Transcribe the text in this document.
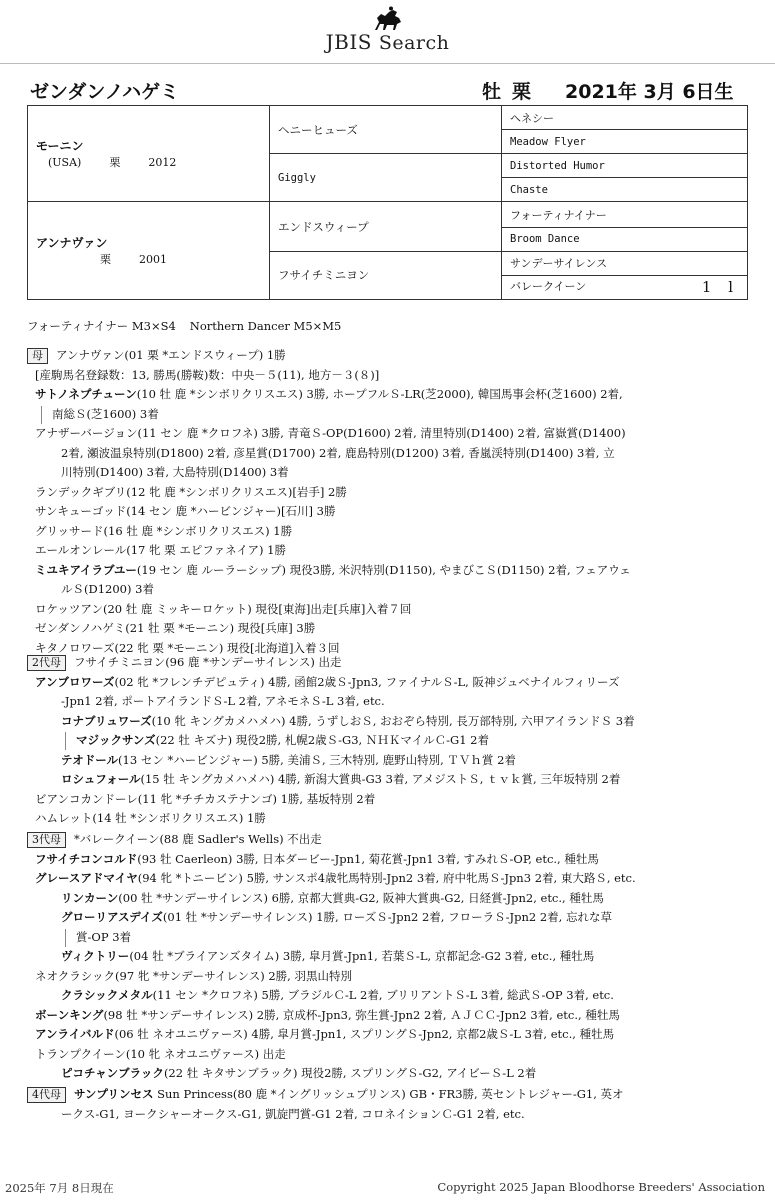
JBIS Search
ゼンダンノハゲミ	牡 栗 2021年 3月 6日生
モーニン
(USA) 栗 2012	ヘニーヒューズ	ヘネシー
		Meadow Flyer
	Giggly	Distorted Humor
		Chaste

アンナヴァン
栗 2001	エンドスウィープ	フォーティナイナー
		Broom Dance
	フサイチミニヨン	サンデーサイレンス
		バレークイーン 1 l
フォーティナイナー M3×S4 Northern Dancer M5×M5
母 アンナヴァン(01 栗 *エンドスウィープ) 1勝
[産駒馬名登録数：13, 勝馬(勝鞍)数：中央－５(11), 地方－３(８)]
サトノネプチューン(10 牡 鹿 *シンボリクリスエス) 3勝, ホープフルＳ-LR(芝2000), 韓国馬事会杯(芝1600) 2着,
南総Ｓ(芝1600) 3着
アナザーバージョン(11 セン 鹿 *クロフネ) 3勝, 青竜Ｓ-OP(D1600) 2着, 清里特別(D1400) 2着, 富嶽賞(D1400)
2着, 瀬波温泉特別(D1800) 2着, 彦星賞(D1700) 2着, 鹿島特別(D1200) 3着, 香嵐渓特別(D1400) 3着, 立
川特別(D1400) 3着, 大島特別(D1400) 3着
ランデックギブリ(12 牝 鹿 *シンボリクリスエス)[岩手] 2勝
サンキューゴッド(14 セン 鹿 *ハービンジャー)[石川] 3勝
グリッサード(16 牡 鹿 *シンボリクリスエス) 1勝
エールオンレール(17 牝 栗 エピファネイア) 1勝
ミユキアイラブユー(19 セン 鹿 ルーラーシップ) 現役3勝, 米沢特別(D1150), やまびこＳ(D1150) 2着, フェアウェ
ルＳ(D1200) 3着
ロケッツアン(20 牡 鹿 ミッキーロケット) 現役[東海]出走[兵庫]入着７回
ゼンダンノハゲミ(21 牡 栗 *モーニン) 現役[兵庫] 3勝
キタノロワーズ(22 牝 栗 *モーニン) 現役[北海道]入着３回
2代母 フサイチミニヨン(96 鹿 *サンデーサイレンス) 出走
アンブロワーズ(02 牝 *フレンチデピュティ) 4勝, 函館2歳Ｓ-Jpn3, ファイナルＳ-L, 阪神ジュベナイルフィリーズ
-Jpn1 2着, ポートアイランドＳ-L 2着, アネモネＳ-L 3着, etc.
コナブリュワーズ(10 牝 キングカメハメハ) 4勝, うずしおＳ, おおぞら特別, 長万部特別, 六甲アイランドＳ 3着
マジックサンズ(22 牡 キズナ) 現役2勝, 札幌2歳Ｓ-G3, ＮＨＫマイルＣ-G1 2着
テオドール(13 セン *ハービンジャー) 5勝, 美浦Ｓ, 三木特別, 鹿野山特別, ＴＶｈ賞 2着
ロシュフォール(15 牡 キングカメハメハ) 4勝, 新潟大賞典-G3 3着, アメジストＳ, ｔｖｋ賞, 三年坂特別 2着
ビアンコカンドーレ(11 牝 *チチカステナンゴ) 1勝, 基坂特別 2着
ハムレット(14 牡 *シンボリクリスエス) 1勝
3代母 *バレークイーン(88 鹿 Sadler's Wells) 不出走
フサイチコンコルド(93 牡 Caerleon) 3勝, 日本ダービー-Jpn1, 菊花賞-Jpn1 3着, すみれＳ-OP, etc., 種牡馬
グレースアドマイヤ(94 牝 *トニービン) 5勝, サンスポ4歳牝馬特別-Jpn2 3着, 府中牝馬Ｓ-Jpn3 2着, 東大路Ｓ, etc.
リンカーン(00 牡 *サンデーサイレンス) 6勝, 京都大賞典-G2, 阪神大賞典-G2, 日経賞-Jpn2, etc., 種牡馬
グローリアスデイズ(01 牡 *サンデーサイレンス) 1勝, ローズＳ-Jpn2 2着, フローラＳ-Jpn2 2着, 忘れな草
賞-OP 3着
ヴィクトリー(04 牡 *ブライアンズタイム) 3勝, 皐月賞-Jpn1, 若葉Ｓ-L, 京都記念-G2 3着, etc., 種牡馬
ネオクラシック(97 牝 *サンデーサイレンス) 2勝, 羽黒山特別
クラシックメタル(11 セン *クロフネ) 5勝, ブラジルＣ-L 2着, ブリリアントＳ-L 3着, 総武Ｓ-OP 3着, etc.
ボーンキング(98 牡 *サンデーサイレンス) 2勝, 京成杯-Jpn3, 弥生賞-Jpn2 2着, ＡＪＣＣ-Jpn2 3着, etc., 種牡馬
アンライバルド(06 牡 ネオユニヴァース) 4勝, 皐月賞-Jpn1, スプリングＳ-Jpn2, 京都2歳Ｓ-L 3着, etc., 種牡馬
トランプクイーン(10 牝 ネオユニヴァース) 出走
ピコチャンブラック(22 牡 キタサンブラック) 現役2勝, スプリングＳ-G2, アイビーＳ-L 2着
4代母 サンプリンセス Sun Princess(80 鹿 *イングリッシュプリンス) GB・FR3勝, 英セントレジャー-G1, 英オ
ークス-G1, ヨークシャーオークス-G1, 凱旋門賞-G1 2着, コロネイションＣ-G1 2着, etc.
2025年 7月 8日現在	Copyright 2025 Japan Bloodhorse Breeders' Association
